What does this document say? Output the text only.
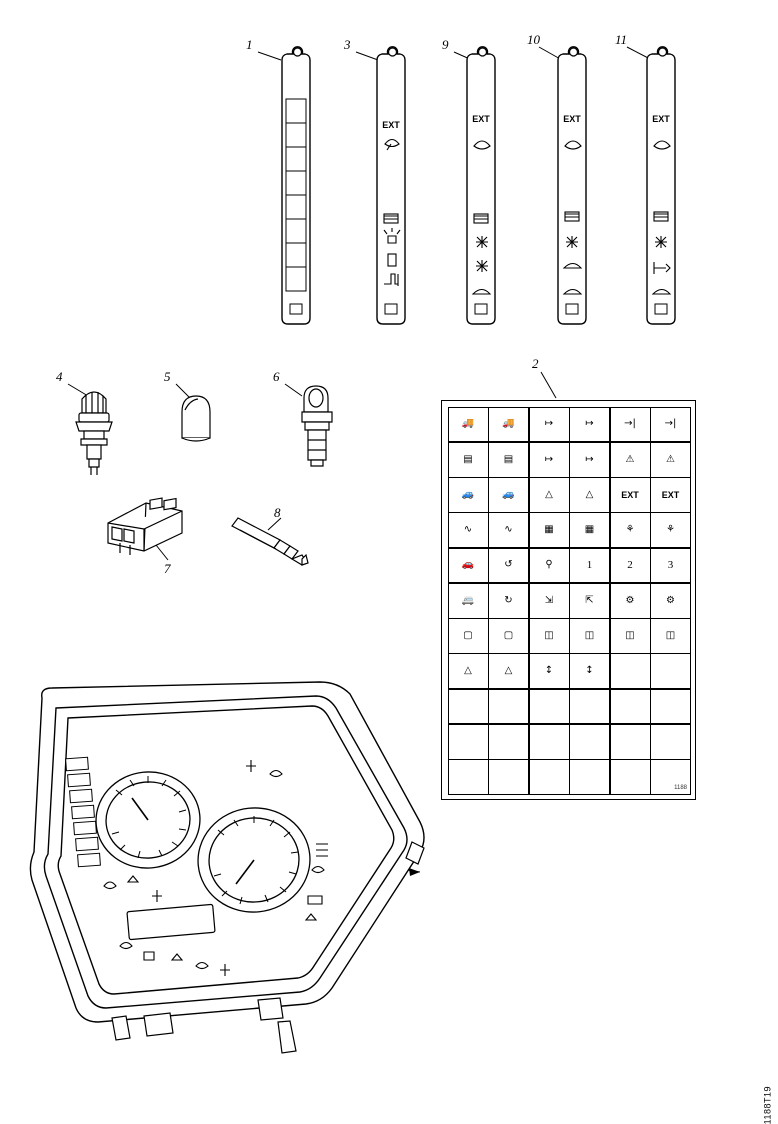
1	3	9	10	11
4	5	6
7
8
2
EXT
EXT	EXT	EXT
🚚	🚚	↦	↦	→|	→|
▤	▤	↦	↦	⚠	⚠
🚙	🚙	△	△	EXT	EXT
∿	∿	▦	▦	⚘	⚘
🚗	↺	⚲	1	2	3
🚐	↻	⇲	⇱	⚙	⚙
▢	▢	◫	◫	◫	◫
△	△	↕	↕
1188
1188T19
